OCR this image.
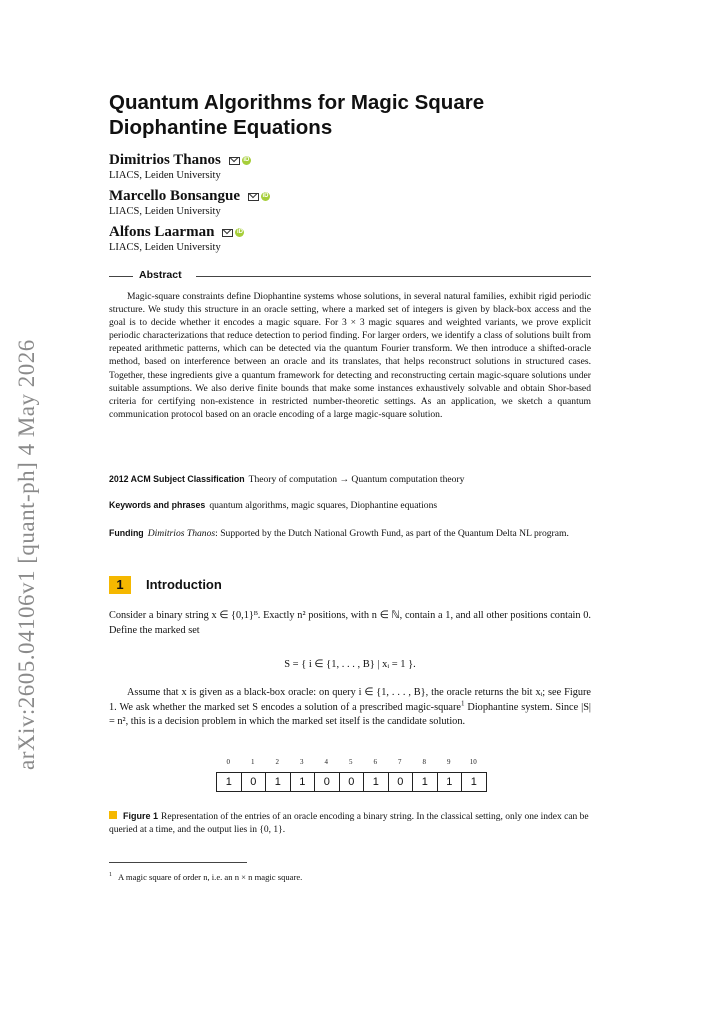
arXiv:2605.04106v1 [quant-ph] 4 May 2026
Quantum Algorithms for Magic Square Diophantine Equations
Dimitrios Thanos	iD
LIACS, Leiden University
Marcello Bonsangue	iD
LIACS, Leiden University
Alfons Laarman	iD
LIACS, Leiden University
Abstract
Magic-square constraints define Diophantine systems whose solutions, in several natural families, exhibit rigid periodic structure. We study this structure in an oracle setting, where a marked set of integers is given by black-box access and the goal is to decide whether it encodes a magic square. For 3 × 3 magic squares and weighted variants, we prove explicit periodic characterizations that reduce detection to period finding. For larger orders, we identify a class of solutions built from repeated arithmetic patterns, which can be detected via the quantum Fourier transform. We then introduce a shifted-oracle method, based on interference between an oracle and its translates, that helps reconstruct solutions in structured cases. Together, these ingredients give a quantum framework for detecting and reconstructing certain magic-square solutions under suitable assumptions. We also derive finite bounds that make some instances exhaustively solvable and obtain Shor-based criteria for certifying non-existence in restricted number-theoretic settings. As an application, we sketch a quantum communication protocol based on an oracle encoding of a large magic-square solution.
2012 ACM Subject Classification Theory of computation → Quantum computation theory
Keywords and phrases quantum algorithms, magic squares, Diophantine equations
Funding Dimitrios Thanos: Supported by the Dutch National Growth Fund, as part of the Quantum Delta NL program.
1	Introduction
Consider a binary string x ∈ {0,1}ᴮ. Exactly n² positions, with n ∈ ℕ, contain a 1, and all other positions contain 0. Define the marked set
S = { i ∈ {1, . . . , B} | xᵢ = 1 }.
Assume that x is given as a black-box oracle: on query i ∈ {1, . . . , B}, the oracle returns the bit xᵢ; see Figure 1. We ask whether the marked set S encodes a solution of a prescribed magic-square$^1$ Diophantine system. Since |S| = n², this is a decision problem in which the marked set itself is the candidate solution.
0	1	2	3	4	5	6	7	8	9	10
1	0	1	1	0	0	1	0	1	1	1
Figure 1 Representation of the entries of an oracle encoding a binary string. In the classical setting, only one index can be queried at a time, and the output lies in {0, 1}.
$^1$ A magic square of order n, i.e. an n × n magic square.
